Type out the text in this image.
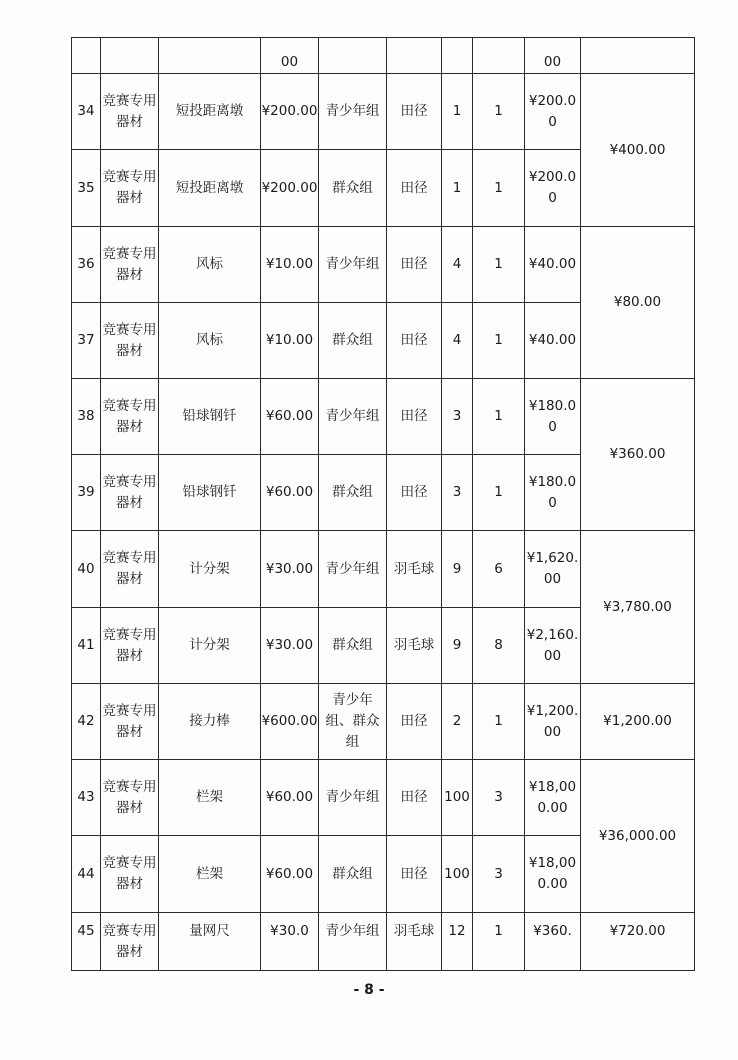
			00					00	
34	竞赛专用器材	短投距离墩	¥200.00	青少年组	田径	1	1	¥200.00	¥400.00
35	竞赛专用器材	短投距离墩	¥200.00	群众组	田径	1	1	¥200.00	
36	竞赛专用器材	风标	¥10.00	青少年组	田径	4	1	¥40.00	¥80.00
37	竞赛专用器材	风标	¥10.00	群众组	田径	4	1	¥40.00	
38	竞赛专用器材	铅球钢钎	¥60.00	青少年组	田径	3	1	¥180.00	¥360.00
39	竞赛专用器材	铅球钢钎	¥60.00	群众组	田径	3	1	¥180.00	
40	竞赛专用器材	计分架	¥30.00	青少年组	羽毛球	9	6	¥1,620.00	¥3,780.00
41	竞赛专用器材	计分架	¥30.00	群众组	羽毛球	9	8	¥2,160.00	
42	竞赛专用器材	接力棒	¥600.00	青少年组、群众组	田径	2	1	¥1,200.00	¥1,200.00
43	竞赛专用器材	栏架	¥60.00	青少年组	田径	100	3	¥18,000.00	¥36,000.00
44	竞赛专用器材	栏架	¥60.00	群众组	田径	100	3	¥18,000.00	
45	竞赛专用器材	量网尺	¥30.0	青少年组	羽毛球	12	1	¥360.	¥720.00
- 8 -
